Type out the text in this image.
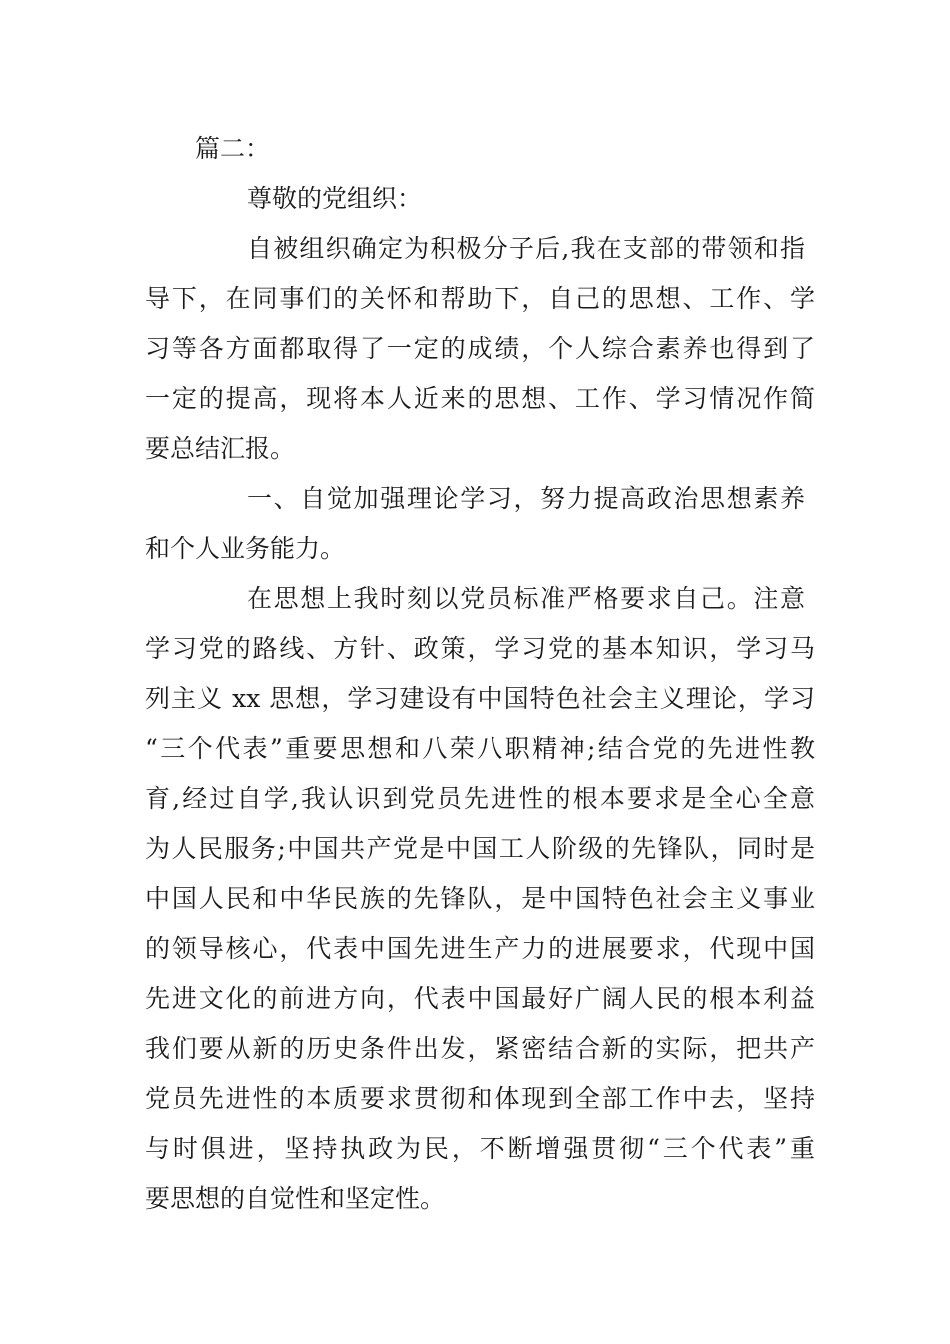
篇二：
尊敬的党组织：
自被组织确定为积极分子后,我在支部的带领和指
导下，在同事们的关怀和帮助下，自己的思想、工作、学
习等各方面都取得了一定的成绩，个人综合素养也得到了
一定的提高，现将本人近来的思想、工作、学习情况作简
要总结汇报。
一、自觉加强理论学习，努力提高政治思想素养
和个人业务能力。
在思想上我时刻以党员标准严格要求自己。注意
学习党的路线、方针、政策，学习党的基本知识，学习马
列主义 xx 思想，学习建设有中国特色社会主义理论，学习
“三个代表”重要思想和八荣八职精神;结合党的先进性教
育,经过自学,我认识到党员先进性的根本要求是全心全意
为人民服务;中国共产党是中国工人阶级的先锋队，同时是
中国人民和中华民族的先锋队，是中国特色社会主义事业
的领导核心，代表中国先进生产力的进展要求，代现中国
先进文化的前进方向，代表中国最好广阔人民的根本利益
我们要从新的历史条件出发，紧密结合新的实际，把共产
党员先进性的本质要求贯彻和体现到全部工作中去，坚持
与时俱进，坚持执政为民，不断增强贯彻“三个代表”重
要思想的自觉性和坚定性。
